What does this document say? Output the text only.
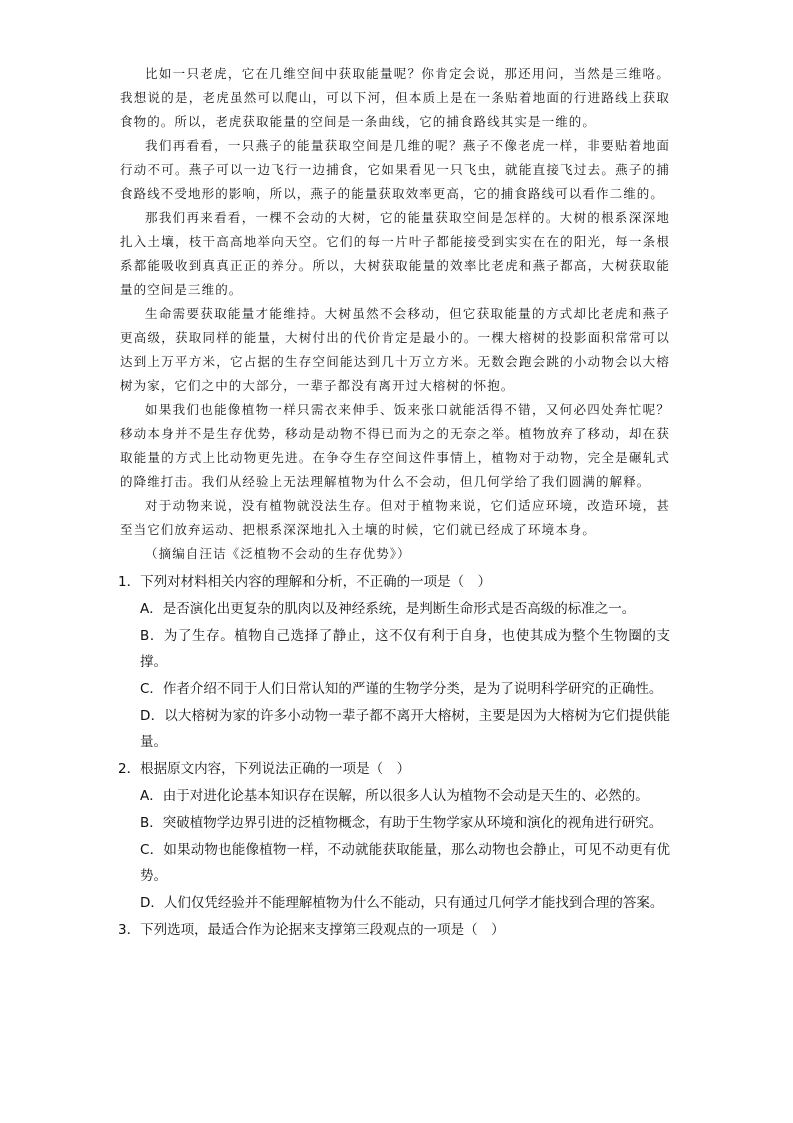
比如一只老虎，它在几维空间中获取能量呢？你肯定会说，那还用问，当然是三维咯。我想说的是，老虎虽然可以爬山，可以下河，但本质上是在一条贴着地面的行进路线上获取食物的。所以，老虎获取能量的空间是一条曲线，它的捕食路线其实是一维的。

我们再看看，一只燕子的能量获取空间是几维的呢？燕子不像老虎一样，非要贴着地面行动不可。燕子可以一边飞行一边捕食，它如果看见一只飞虫，就能直接飞过去。燕子的捕食路线不受地形的影响，所以，燕子的能量获取效率更高，它的捕食路线可以看作二维的。

那我们再来看看，一棵不会动的大树，它的能量获取空间是怎样的。大树的根系深深地扎入土壤，枝干高高地举向天空。它们的每一片叶子都能接受到实实在在的阳光，每一条根系都能吸收到真真正正的养分。所以，大树获取能量的效率比老虎和燕子都高，大树获取能量的空间是三维的。

生命需要获取能量才能维持。大树虽然不会移动，但它获取能量的方式却比老虎和燕子更高级，获取同样的能量，大树付出的代价肯定是最小的。一棵大榕树的投影面积常常可以达到上万平方米，它占据的生存空间能达到几十万立方米。无数会跑会跳的小动物会以大榕树为家，它们之中的大部分，一辈子都没有离开过大榕树的怀抱。

如果我们也能像植物一样只需衣来伸手、饭来张口就能活得不错，又何必四处奔忙呢？移动本身并不是生存优势，移动是动物不得已而为之的无奈之举。植物放弃了移动，却在获取能量的方式上比动物更先进。在争夺生存空间这件事情上，植物对于动物，完全是碾轧式的降维打击。我们从经验上无法理解植物为什么不会动，但几何学给了我们圆满的解释。

对于动物来说，没有植物就没法生存。但对于植物来说，它们适应环境，改造环境，甚至当它们放弃运动、把根系深深地扎入土壤的时候，它们就已经成了环境本身。

（摘编自汪诘《泛植物不会动的生存优势》）

1．下列对材料相关内容的理解和分析，不正确的一项是（　）
A．是否演化出更复杂的肌肉以及神经系统，是判断生命形式是否高级的标准之一。
B．为了生存。植物自己选择了静止，这不仅有利于自身，也使其成为整个生物圈的支撑。
C．作者介绍不同于人们日常认知的严谨的生物学分类，是为了说明科学研究的正确性。
D．以大榕树为家的许多小动物一辈子都不离开大榕树，主要是因为大榕树为它们提供能量。
2．根据原文内容，下列说法正确的一项是（　）
A．由于对进化论基本知识存在误解，所以很多人认为植物不会动是天生的、必然的。
B．突破植物学边界引进的泛植物概念，有助于生物学家从环境和演化的视角进行研究。
C．如果动物也能像植物一样，不动就能获取能量，那么动物也会静止，可见不动更有优势。
D．人们仅凭经验并不能理解植物为什么不能动，只有通过几何学才能找到合理的答案。
3．下列选项，最适合作为论据来支撑第三段观点的一项是（　）
